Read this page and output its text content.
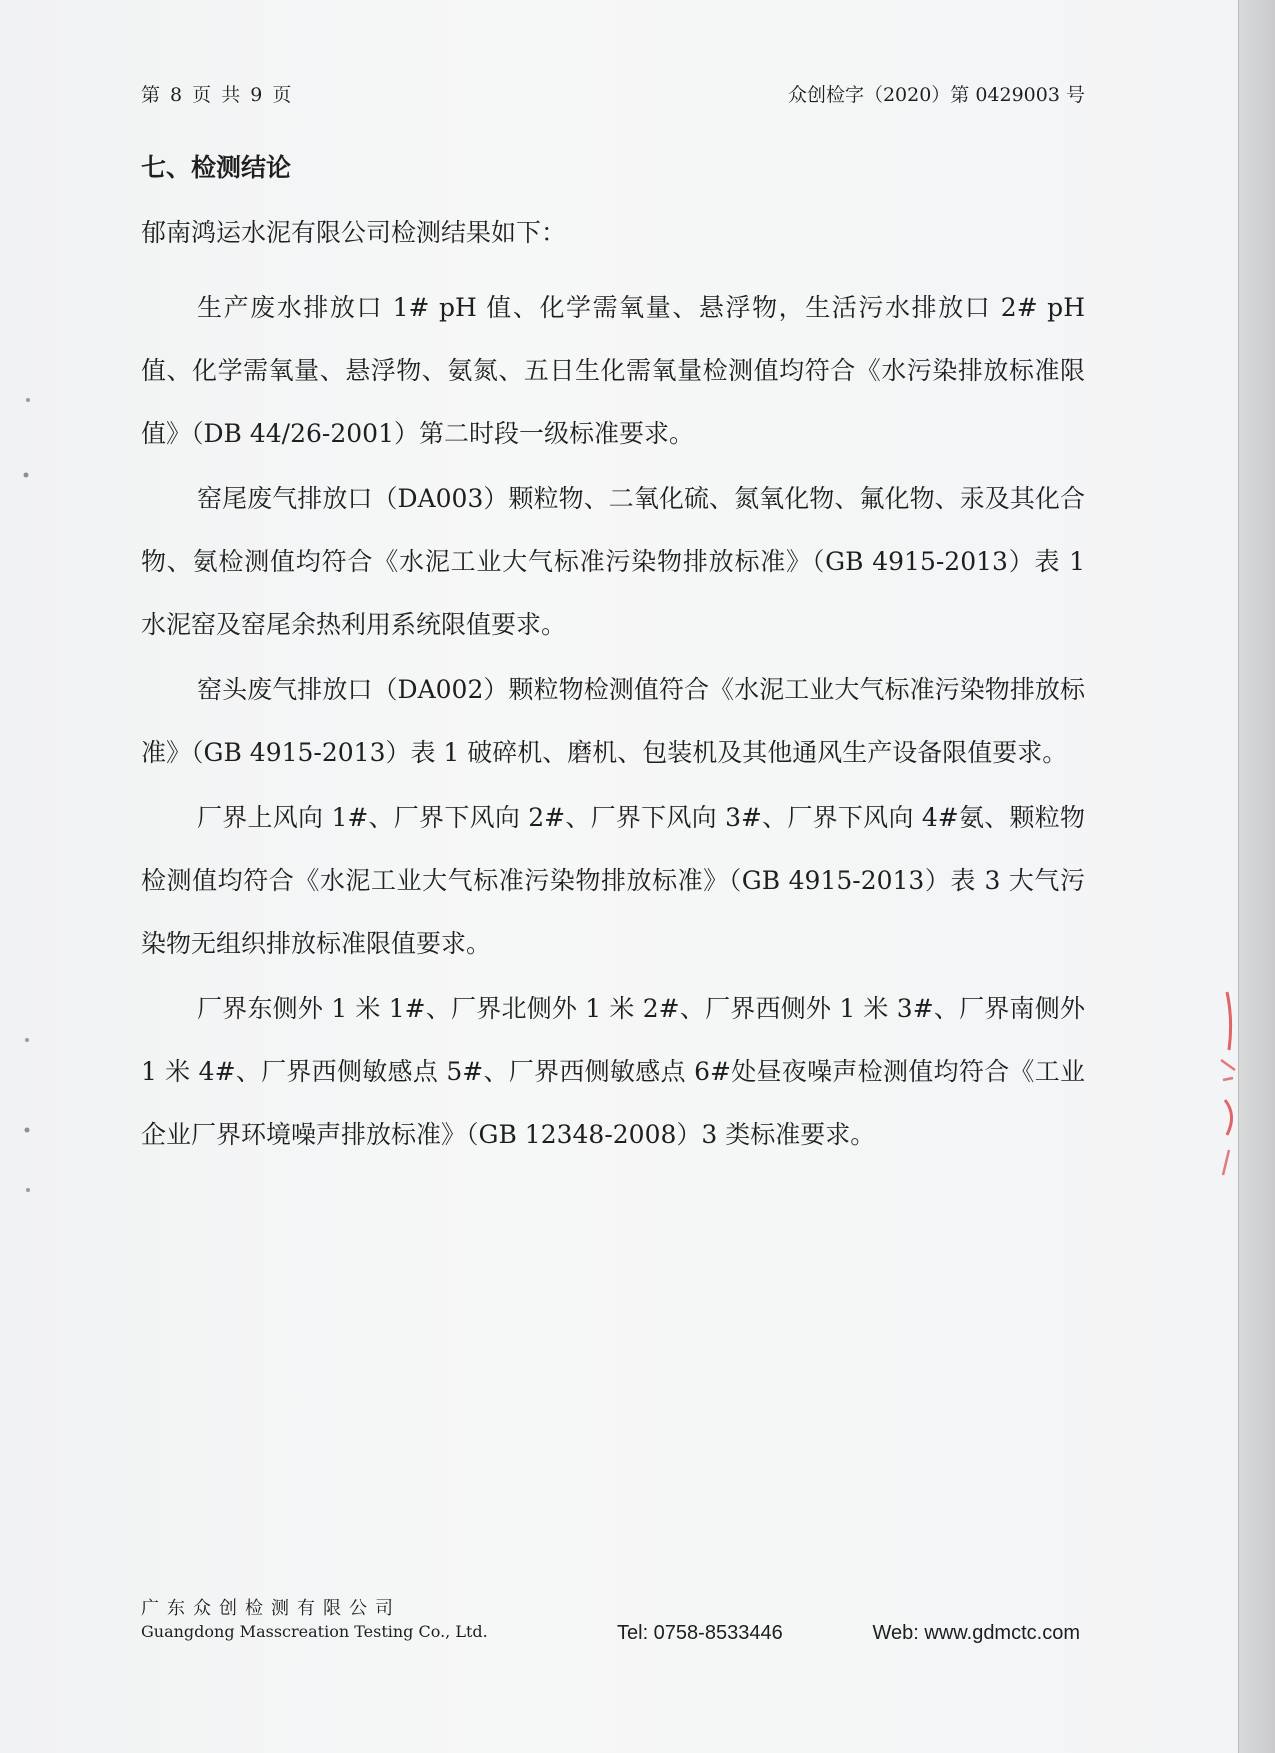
第 8 页 共 9 页	众创检字（2020）第 0429003 号
七、检测结论

郁南鸿运水泥有限公司检测结果如下：

生产废水排放口 1# pH 值、化学需氧量、悬浮物，生活污水排放口 2# pH 值、化学需氧量、悬浮物、氨氮、五日生化需氧量检测值均符合《水污染排放标准限值》（DB 44/26-2001）第二时段一级标准要求。

窑尾废气排放口（DA003）颗粒物、二氧化硫、氮氧化物、氟化物、汞及其化合物、氨检测值均符合《水泥工业大气标准污染物排放标准》（GB 4915-2013）表 1 水泥窑及窑尾余热利用系统限值要求。

窑头废气排放口（DA002）颗粒物检测值符合《水泥工业大气标准污染物排放标准》（GB 4915-2013）表 1 破碎机、磨机、包装机及其他通风生产设备限值要求。

厂界上风向 1#、厂界下风向 2#、厂界下风向 3#、厂界下风向 4#氨、颗粒物检测值均符合《水泥工业大气标准污染物排放标准》（GB 4915-2013）表 3 大气污染物无组织排放标准限值要求。

厂界东侧外 1 米 1#、厂界北侧外 1 米 2#、厂界西侧外 1 米 3#、厂界南侧外 1 米 4#、厂界西侧敏感点 5#、厂界西侧敏感点 6#处昼夜噪声检测值均符合《工业企业厂界环境噪声排放标准》（GB 12348-2008）3 类标准要求。

广东众创检测有限公司
Guangdong Masscreation Testing Co., Ltd.	Tel: 0758-8533446	Web: www.gdmctc.com
